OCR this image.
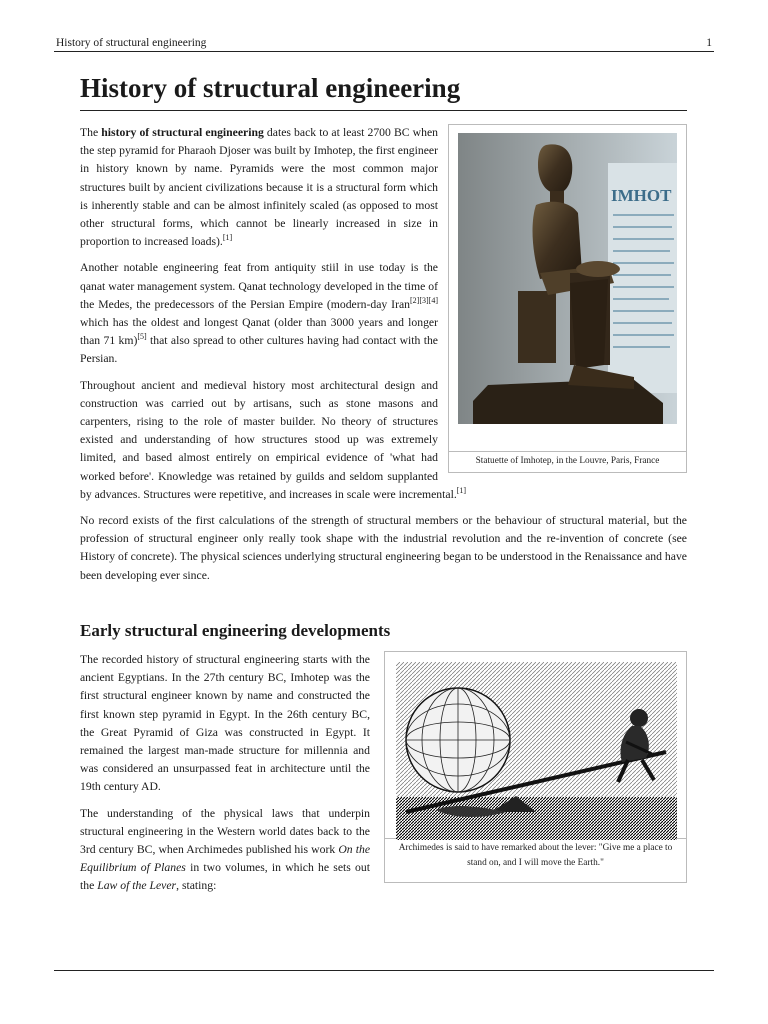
History of structural engineering	1
History of structural engineering
IMHOT
Statuette of Imhotep, in the Louvre, Paris, France

The history of structural engineering dates back to at least 2700 BC when the step pyramid for Pharaoh Djoser was built by Imhotep, the first engineer in history known by name. Pyramids were the most common major structures built by ancient civilizations because it is a structural form which is inherently stable and can be almost infinitely scaled (as opposed to most other structural forms, which cannot be linearly increased in size in proportion to increased loads).[1]

Another notable engineering feat from antiquity stiil in use today is the qanat water management system. Qanat technology developed in the time of the Medes, the predecessors of the Persian Empire (modern-day Iran[2][3][4] which has the oldest and longest Qanat (older than 3000 years and longer than 71 km)[5] that also spread to other cultures having had contact with the Persian.

Throughout ancient and medieval history most architectural design and construction was carried out by artisans, such as stone masons and carpenters, rising to the role of master builder. No theory of structures existed and understanding of how structures stood up was extremely limited, and based almost entirely on empirical evidence of 'what had worked before'. Knowledge was retained by guilds and seldom supplanted by advances. Structures were repetitive, and increases in scale were incremental.[1]

No record exists of the first calculations of the strength of structural members or the behaviour of structural material, but the profession of structural engineer only really took shape with the industrial revolution and the re-invention of concrete (see History of concrete). The physical sciences underlying structural engineering began to be understood in the Renaissance and have been developing ever since.

Early structural engineering developments
Archimedes is said to have remarked about the lever: "Give me a place to stand on, and I will move the Earth."

The recorded history of structural engineering starts with the ancient Egyptians. In the 27th century BC, Imhotep was the first structural engineer known by name and constructed the first known step pyramid in Egypt. In the 26th century BC, the Great Pyramid of Giza was constructed in Egypt. It remained the largest man-made structure for millennia and was considered an unsurpassed feat in architecture until the 19th century AD.

The understanding of the physical laws that underpin structural engineering in the Western world dates back to the 3rd century BC, when Archimedes published his work On the Equilibrium of Planes in two volumes, in which he sets out the Law of the Lever, stating:
